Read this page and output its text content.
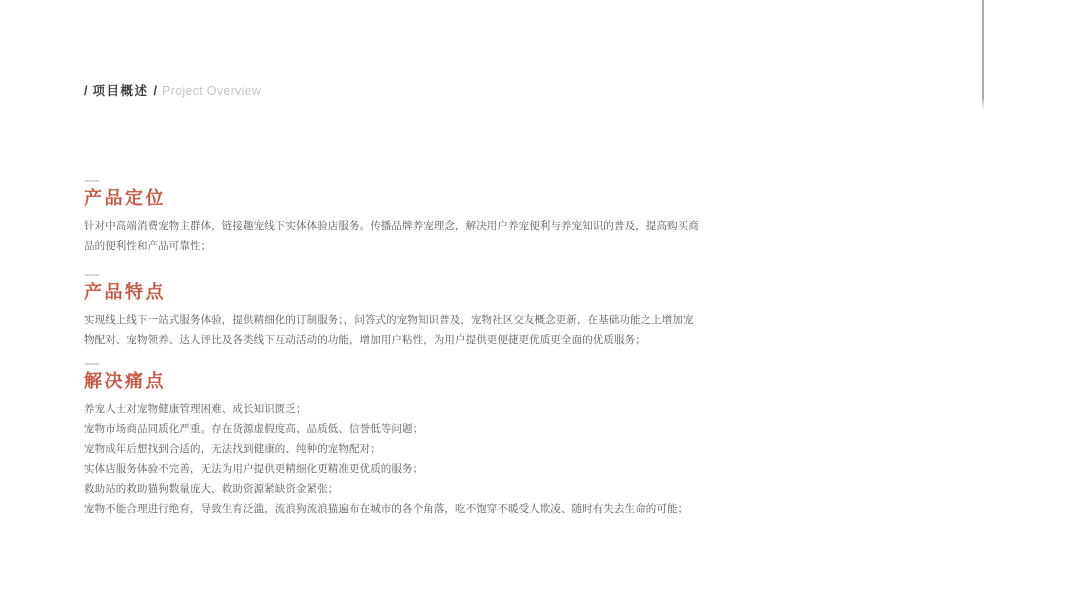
/ 项目概述 / Project Overview
产品定位

针对中高端消费宠物主群体，链接趣宠线下实体体验店服务。传播品牌养宠理念，解决用户养宠便利与养宠知识的普及，提高购买商

品的便利性和产品可靠性；

产品特点

实现线上线下一站式服务体验，提供精细化的订制服务；，问答式的宠物知识普及，宠物社区交友概念更新，在基础功能之上增加宠

物配对、宠物领养、达人评比及各类线下互动活动的功能，增加用户粘性，为用户提供更便捷更优质更全面的优质服务；

解决痛点

养宠人士对宠物健康管理困难、成长知识匮乏；

宠物市场商品同质化严重。存在货源虚假度高、品质低、信誉低等问题；

宠物成年后想找到合适的，无法找到健康的、纯种的宠物配对；

实体店服务体验不完善，无法为用户提供更精细化更精准更优质的服务；

救助站的救助猫狗数量庞大，救助资源紧缺资金紧张；

宠物不能合理进行绝育，导致生育泛滥，流浪狗流浪猫遍布在城市的各个角落，吃不饱穿不暖受人欺凌、随时有失去生命的可能；
